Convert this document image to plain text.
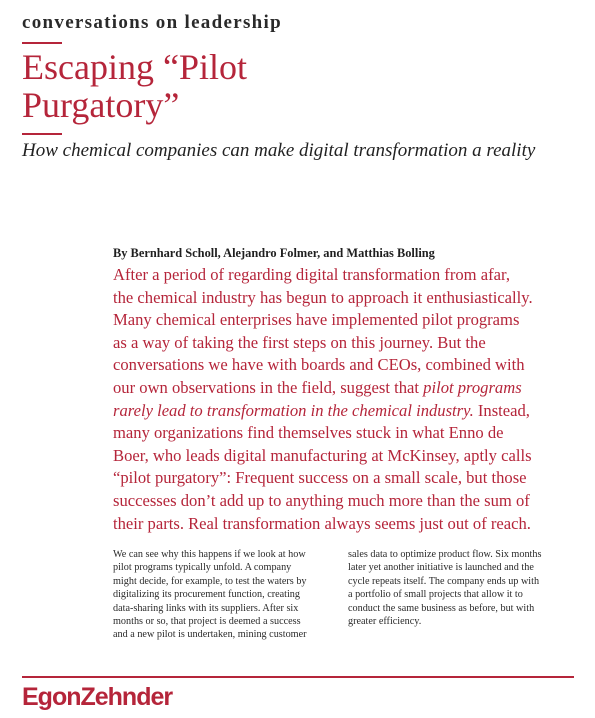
conversations on leadership
Escaping “Pilot
Purgatory”
How chemical companies can make digital transformation a reality
By Bernhard Scholl, Alejandro Folmer, and Matthias Bolling

After a period of regarding digital transformation from afar,

the chemical industry has begun to approach it enthusiastically.

Many chemical enterprises have implemented pilot programs

as a way of taking the first steps on this journey. But the

conversations we have with boards and CEOs, combined with

our own observations in the field, suggest that pilot programs

rarely lead to transformation in the chemical industry. Instead,

many organizations find themselves stuck in what Enno de

Boer, who leads digital manufacturing at McKinsey, aptly calls

“pilot purgatory”: Frequent success on a small scale, but those

successes don’t add up to anything much more than the sum of

their parts. Real transformation always seems just out of reach.

We can see why this happens if we look at how

pilot programs typically unfold. A company

might decide, for example, to test the waters by

digitalizing its procurement function, creating

data-sharing links with its suppliers. After six

months or so, that project is deemed a success

and a new pilot is undertaken, mining customer

sales data to optimize product flow. Six months

later yet another initiative is launched and the

cycle repeats itself. The company ends up with

a portfolio of small projects that allow it to

conduct the same business as before, but with

greater efficiency.

EgonZehnder
